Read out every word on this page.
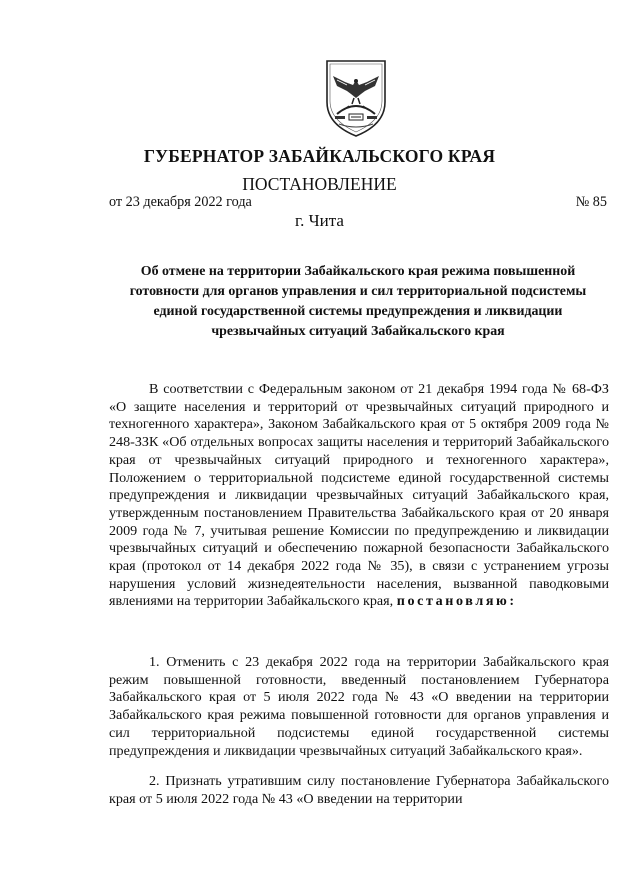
ГУБЕРНАТОР ЗАБАЙКАЛЬСКОГО КРАЯ
ПОСТАНОВЛЕНИЕ
от 23 декабря 2022 года	№ 85
г. Чита
Об отмене на территории Забайкальского края режима повышенной готовности для органов управления и сил территориальной подсистемы единой государственной системы предупреждения и ликвидации чрезвычайных ситуаций Забайкальского края
В соответствии с Федеральным законом от 21 декабря 1994 года № 68-ФЗ «О защите населения и территорий от чрезвычайных ситуаций природного и техногенного характера», Законом Забайкальского края от 5 октября 2009 года № 248-ЗЗК «Об отдельных вопросах защиты населения и территорий Забайкальского края от чрезвычайных ситуаций природного и техногенного характера», Положением о территориальной подсистеме единой государственной системы предупреждения и ликвидации чрезвычайных ситуаций Забайкальского края, утвержденным постановлением Правительства Забайкальского края от 20 января 2009 года № 7, учитывая решение Комиссии по предупреждению и ликвидации чрезвычайных ситуаций и обеспечению пожарной безопасности Забайкальского края (протокол от 14 декабря 2022 года № 35), в связи с устранением угрозы нарушения условий жизнедеятельности населения, вызванной паводковыми явлениями на территории Забайкальского края, постановляю:
1. Отменить с 23 декабря 2022 года на территории Забайкальского края режим повышенной готовности, введенный постановлением Губернатора Забайкальского края от 5 июля 2022 года № 43 «О введении на территории Забайкальского края режима повышенной готовности для органов управления и сил территориальной подсистемы единой государственной системы предупреждения и ликвидации чрезвычайных ситуаций Забайкальского края».
2. Признать утратившим силу постановление Губернатора Забайкальского края от 5 июля 2022 года № 43 «О введении на территории
